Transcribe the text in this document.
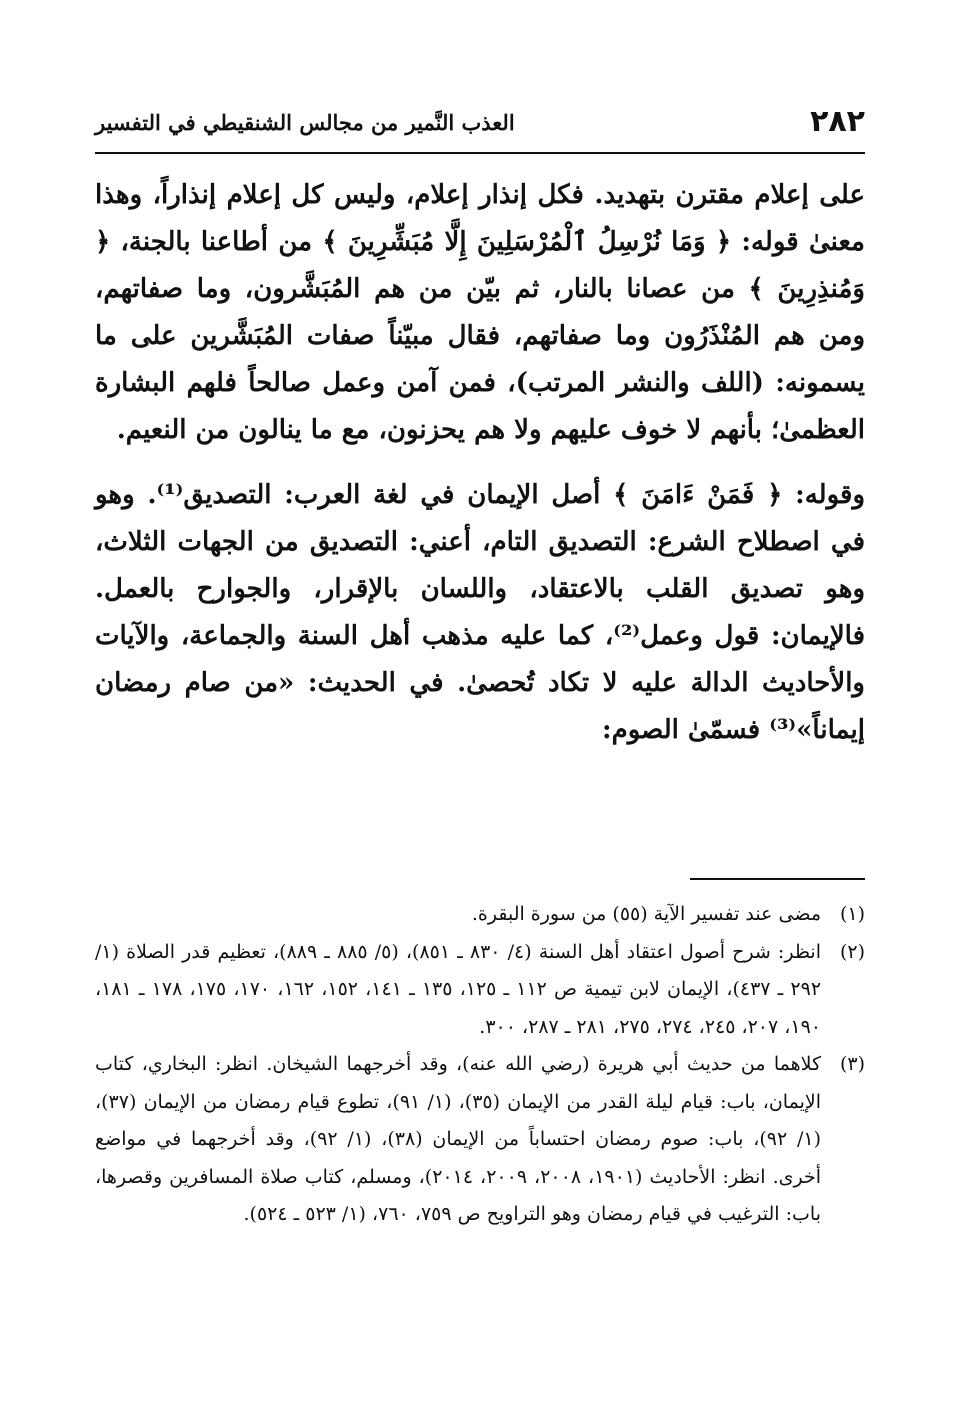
٢٨٢
العذب النَّمير من مجالس الشنقيطي في التفسير

على إعلام مقترن بتهديد. فكل إنذار إعلام، وليس كل إعلام إنذاراً، وهذا معنىٰ قوله: ﴿ وَمَا نُرْسِلُ ٱلْمُرْسَلِينَ إِلَّا مُبَشِّرِينَ ﴾ من أطاعنا بالجنة، ﴿ وَمُنذِرِينَ ﴾ من عصانا بالنار، ثم بيّن من هم المُبَشَّرون، وما صفاتهم، ومن هم المُنْذَرُون وما صفاتهم، فقال مبيّناً صفات المُبَشَّرين على ما يسمونه: (اللف والنشر المرتب)، فمن آمن وعمل صالحاً فلهم البشارة العظمىٰ؛ بأنهم لا خوف عليهم ولا هم يحزنون، مع ما ينالون من النعيم.

وقوله: ﴿ فَمَنْ ءَامَنَ ﴾ أصل الإيمان في لغة العرب: التصديق⁽¹⁾. وهو في اصطلاح الشرع: التصديق التام، أعني: التصديق من الجهات الثلاث، وهو تصديق القلب بالاعتقاد، واللسان بالإقرار، والجوارح بالعمل. فالإيمان: قول وعمل⁽²⁾، كما عليه مذهب أهل السنة والجماعة، والآيات والأحاديث الدالة عليه لا تكاد تُحصىٰ. في الحديث: «من صام رمضان إيماناً»⁽³⁾ فسمّىٰ الصوم:

(١)
مضى عند تفسير الآية (٥٥) من سورة البقرة.
(٢)
انظر: شرح أصول اعتقاد أهل السنة (٤/ ٨٣٠ ـ ٨٥١)، (٥/ ٨٨٥ ـ ٨٨٩)، تعظيم قدر الصلاة (١/ ٢٩٢ ـ ٤٣٧)، الإيمان لابن تيمية ص ١١٢ ـ ١٢٥، ١٣٥ ـ ١٤١، ١٥٢، ١٦٢، ١٧٠، ١٧٥، ١٧٨ ـ ١٨١، ١٩٠، ٢٠٧، ٢٤٥، ٢٧٤، ٢٧٥، ٢٨١ ـ ٢٨٧، ٣٠٠.
(٣)
كلاهما من حديث أبي هريرة (رضي الله عنه)، وقد أخرجهما الشيخان. انظر: البخاري، كتاب الإيمان، باب: قيام ليلة القدر من الإيمان (٣٥)، (١/ ٩١)، تطوع قيام رمضان من الإيمان (٣٧)، (١/ ٩٢)، باب: صوم رمضان احتساباً من الإيمان (٣٨)، (١/ ٩٢)، وقد أخرجهما في مواضع أخرى. انظر: الأحاديث (١٩٠١، ٢٠٠٨، ٢٠٠٩، ٢٠١٤)، ومسلم، كتاب صلاة المسافرين وقصرها، باب: الترغيب في قيام رمضان وهو التراويح ص ٧٥٩، ٧٦٠، (١/ ٥٢٣ ـ ٥٢٤).
